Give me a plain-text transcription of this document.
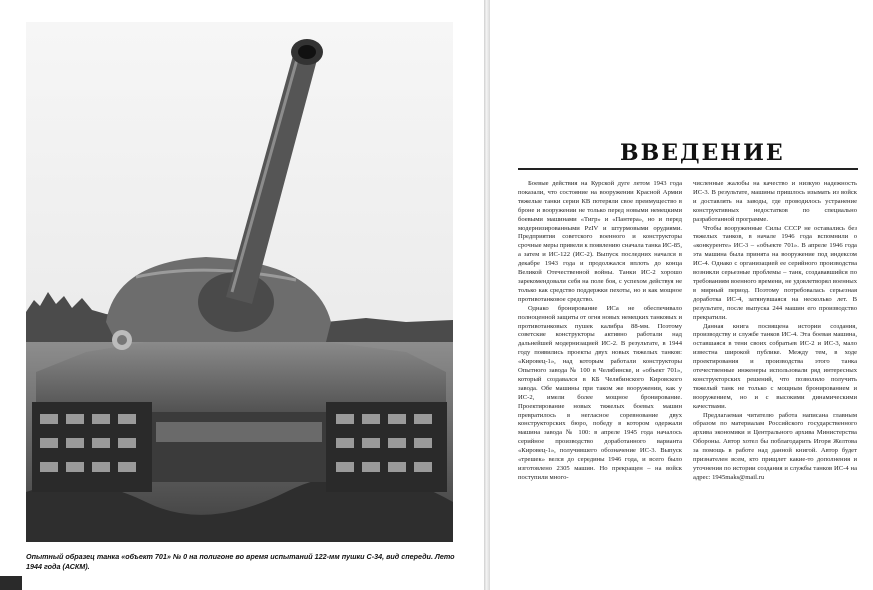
Опытный образец танка «объект 701» № 0 на полигоне во время испытаний 122-мм пушки С-34, вид спереди. Лето 1944 года (АСКМ).

ВВЕДЕНИЕ

Боевые действия на Курской дуге летом 1943 года показали, что состояние на вооружении Красной Армии тяжелые танки серии КВ потеряли свое преимущество в броне и вооружении не только перед новыми немецкими боевыми машинами «Тигр» и «Пантера», но и перед модернизированными PzIV и штурмовыми орудиями. Предприятия советского военного и конструкторы срочные меры привели к появлению сначала танка ИС-85, а затем и ИС-122 (ИС-2). Выпуск последних начался в декабре 1943 года и продолжался вплоть до конца Великой Отечественной войны. Танки ИС-2 хорошо зарекомендовали себя на поле боя, с успехом действуя не только как средство поддержки пехоты, но и как мощное противотанковое средство.

Однако бронирование ИСа не обеспечивало полноценной защиты от огня новых немецких танковых и противотанковых пушек калибра 88-мм. Поэтому советские конструкторы активно работали над дальнейшей модернизацией ИС-2. В результате, в 1944 году появились проекты двух новых тяжелых танков: «Кировец-1», над которым работали конструкторы Опытного завода № 100 в Челябинске, и «объект 701», который создавался в КБ Челябинского Кировского завода. Обе машины при таком же вооружении, как у ИС-2, имели более мощное бронирование. Проектирование новых тяжелых боевых машин превратилось в негласное соревнование двух конструкторских бюро, победу в котором одержали машина завода № 100: в апреле 1945 года началось серийное производство доработанного варианта «Кировец-1», получившего обозначение ИС-3. Выпуск «трешек» велся до середины 1946 года, и всего было изготовлено 2305 машин. Но прекращен – на войск поступили много-

численные жалобы на качество и низкую надежность ИС-3. В результате, машины пришлось изымать из войск и доставлять на заводы, где проводилось устранение конструктивных недостатков по специально разработанной программе.

Чтобы вооруженные Силы СССР не оставались без тяжелых танков, в начале 1946 года вспомнили о «конкуренте» ИС-3 – «объекте 701». В апреле 1946 года эта машина была принята на вооружение под индексом ИС-4. Однако с организацией ее серийного производства возникли серьезные проблемы – танк, создававшийся по требованиям военного времени, не удовлетворял военных в мирный период. Поэтому потребовалась серьезная доработка ИС-4, затянувшаяся на несколько лет. В результате, после выпуска 244 машин его производство прекратили.

Данная книга посвящена истории создания, производству и службе танков ИС-4. Эта боевая машина, оставшаяся в тени своих собратьев ИС-2 и ИС-3, мало известна широкой публике. Между тем, в ходе проектирования и производства этого танка отечественные инженеры использовали ряд интересных конструкторских решений, что позволило получить тяжелый танк не только с мощным бронированием и вооружением, но и с высокими динамическими качествами.

Предлагаемая читателю работа написана главным образом по материалам Российского государственного архива экономики и Центрального архива Министерства Обороны. Автор хотел бы поблагодарить Игоря Желтова за помощь в работе над данной книгой. Автор будет признателен всем, кто прищлет какие-то дополнения и уточнения по истории создания и службы танков ИС-4 на адрес: 1945maks@mail.ru
